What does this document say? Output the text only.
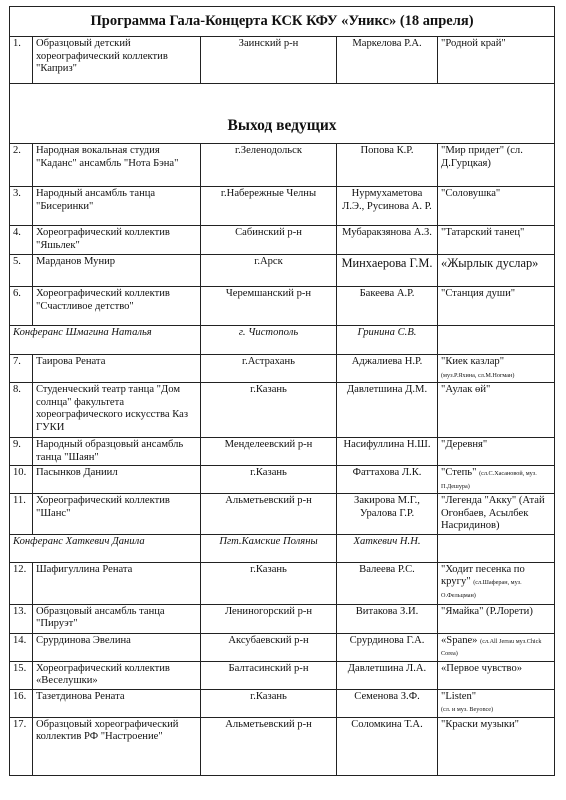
Программа Гала-Концерта КСК КФУ «Уникс» (18 апреля)				
1.	Образцовый детский хореографический коллектив "Каприз"	Заинский р-н	Маркелова Р.А.	"Родной край"
Выход ведущих				
2.	Народная вокальная студия "Каданс" ансамбль "Нота Бэна"	г.Зеленодольск	Попова К.Р.	"Мир придет" (сл. Д.Гурцкая)
3.	Народный ансамбль танца "Бисеринки"	г.Набережные Челны	Нурмухаметова Л.Э., Русинова А. Р.	"Соловушка"
4.	Хореографический коллектив "Яшьлек"	Сабинский р-н	Мубаракзянова А.З.	"Татарский танец"
5.	Марданов Мунир	г.Арск	Минхаерова Г.М.	«Жырлык дуслар»
6.	Хореографический коллектив "Счастливое детство"	Черемшанский р-н	Бакеева А.Р.	"Станция души"
Конферанс Шмагина Наталья		г. Чистополь	Гринина С.В.	
7.	Таирова Рената	г.Астрахань	Аджалиева Н.Р.	"Киек казлар"
(муз.Р.Яхина, сл.М.Ногман)
8.	Студенческий театр танца "Дом солнца" факультета хореографического искусства Каз ГУКИ	г.Казань	Давлетшина Д.М.	"Аулак өй"
9.	Народный образцовый ансамбль танца "Шаян"	Менделеевский р-н	Насифуллина Н.Ш.	"Деревня"
10.	Пасынков Даниил	г.Казань	Фаттахова Л.К.	"Степь" (сл.С.Хасановой, муз. П.Дешура)
11.	Хореографический коллектив "Шанс"	Альметьевский р-н	Закирова М.Г., Уралова Г.Р.	"Легенда "Акку" (Атай Огонбаев, Асылбек Насридинов)
Конферанс Хаткевич Данила		Пгт.Камские Поляны	Хаткевич Н.Н.	
12.	Шафигуллина Рената	г.Казань	Валеева Р.С.	"Ходит песенка по кругу" (сл.Шаферан, муз. О.Фельцман)
13.	Образцовый ансамбль танца "Пируэт"	Лениногорский р-н	Витакова З.И.	"Ямайка" (Р.Лорети)
14.	Срурдинова Эвелина	Аксубаевский р-н	Срурдинова Г.А.	«Spane» (сл.All Jerrau муз.Chick Corea)
15.	Хореографический коллектив «Веселушки»	Балтасинский р-н	Давлетшина Л.А.	«Первое чувство»
16.	Тазетдинова Рената	г.Казань	Семенова З.Ф.	"Listen"
(сл. и муз. Beyonce)
17.	Образцовый хореографический коллектив РФ "Настроение"	Альметьевский р-н	Соломкина Т.А.	"Краски музыки"
